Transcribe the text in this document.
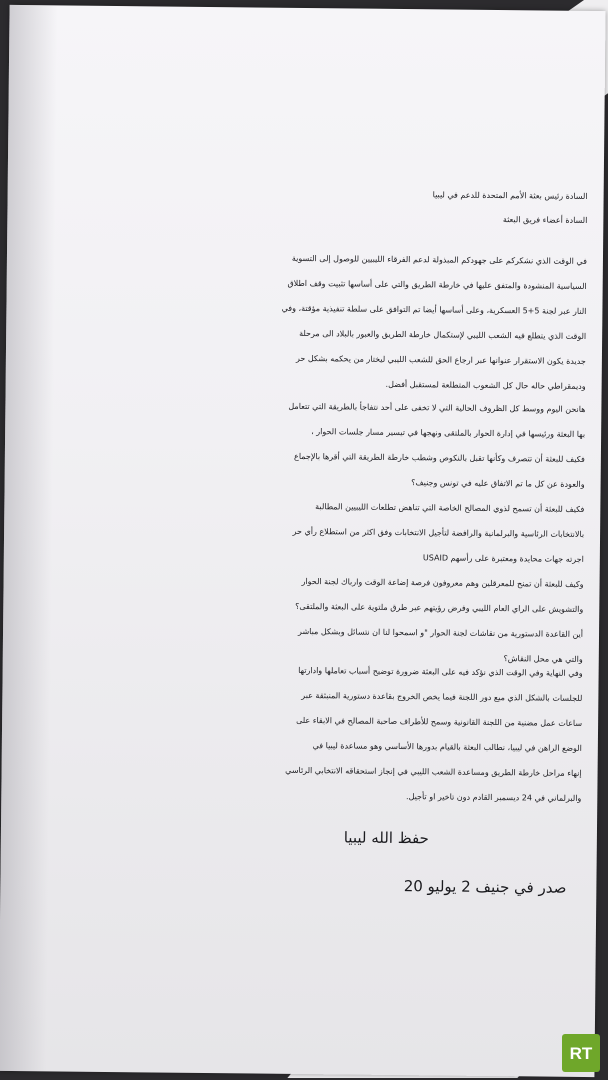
السادة رئيس بعثة الأمم المتحدة للدعم في ليبيا
السادة أعضاء فريق البعثة
في الوقت الذي نشكركم على جهودكم المبذولة لدعم الفرقاء الليبيين للوصول إلى التسوية
السياسية المنشودة والمتفق عليها في خارطة الطريق والتي على أساسها تثبيت وقف اطلاق
النار عبر لجنة 5+5 العسكرية، وعلى أساسها أيضا تم التوافق على سلطة تنفيذية مؤقتة، وفي
الوقت الذي يتطلع فيه الشعب الليبي لإستكمال خارطة الطريق والعبور بالبلاد الى مرحلة
جديدة يكون الاستقرار عنوانها عبر ارجاع الحق للشعب الليبي ليختار من يحكمه بشكل حر
وديمقراطي حاله حال كل الشعوب المتطلعة لمستقبل أفضل.
هانحن اليوم ووسط كل الظروف الحالية التي لا تخفى على أحد نتفاجأ بالطريقة التي تتعامل
بها البعثة ورئيسها في إدارة الحوار بالملتقى ونهجها في تيسير مسار جلسات الحوار ،
فكيف للبعثة أن تتصرف وكأنها تقبل بالنكوص وشطب خارطة الطريقة التي أقرها بالإجماع
والعودة عن كل ما تم الاتفاق عليه في تونس وجنيف؟
فكيف للبعثة أن تسمح لذوي المصالح الخاصة التي تناهض تطلعات الليبيين المطالبة
بالانتخابات الرئاسية والبرلمانية والرافضة لتأجيل الانتخابات وفق اكثر من استطلاع رأي حر
اجرته جهات محايدة ومعتبرة على رأسهم USAID
وكيف للبعثة أن تمنح للمعرقلين وهم معروفون فرصة إضاعة الوقت وارباك لجنة الحوار
والتشويش على الراي العام الليبي وفرض رؤيتهم عبر طرق ملتوية على البعثة والملتقى؟
أين القاعدة الدستورية من نقاشات لجنة الحوار "و اسمحوا لنا ان نتسائل وبشكل مباشر
والتي هي محل النقاش؟
وفي النهاية وفي الوقت الذي نؤكد فيه على البعثة ضرورة توضيح أسباب تعاملها وادارتها
للجلسات بالشكل الذي ميع دور اللجنة فيما يخص الخروج بقاعدة دستورية المنبثقة عبر
ساعات عمل مضنية من اللجنة القانونية وسمح للأطراف صاحبة المصالح في الابقاء على
الوضع الراهن في ليبيا، نطالب البعثة بالقيام بدورها الأساسي وهو مساعدة ليبيا في
إنهاء مراحل خارطة الطريق ومساعدة الشعب الليبي في إنجاز استحقاقه الانتخابي الرئاسي
والبرلماني في 24 ديسمبر القادم دون تاخير او تأجيل.
حفظ الله ليبيا
صدر في جنيف 2 يوليو 20
RT
